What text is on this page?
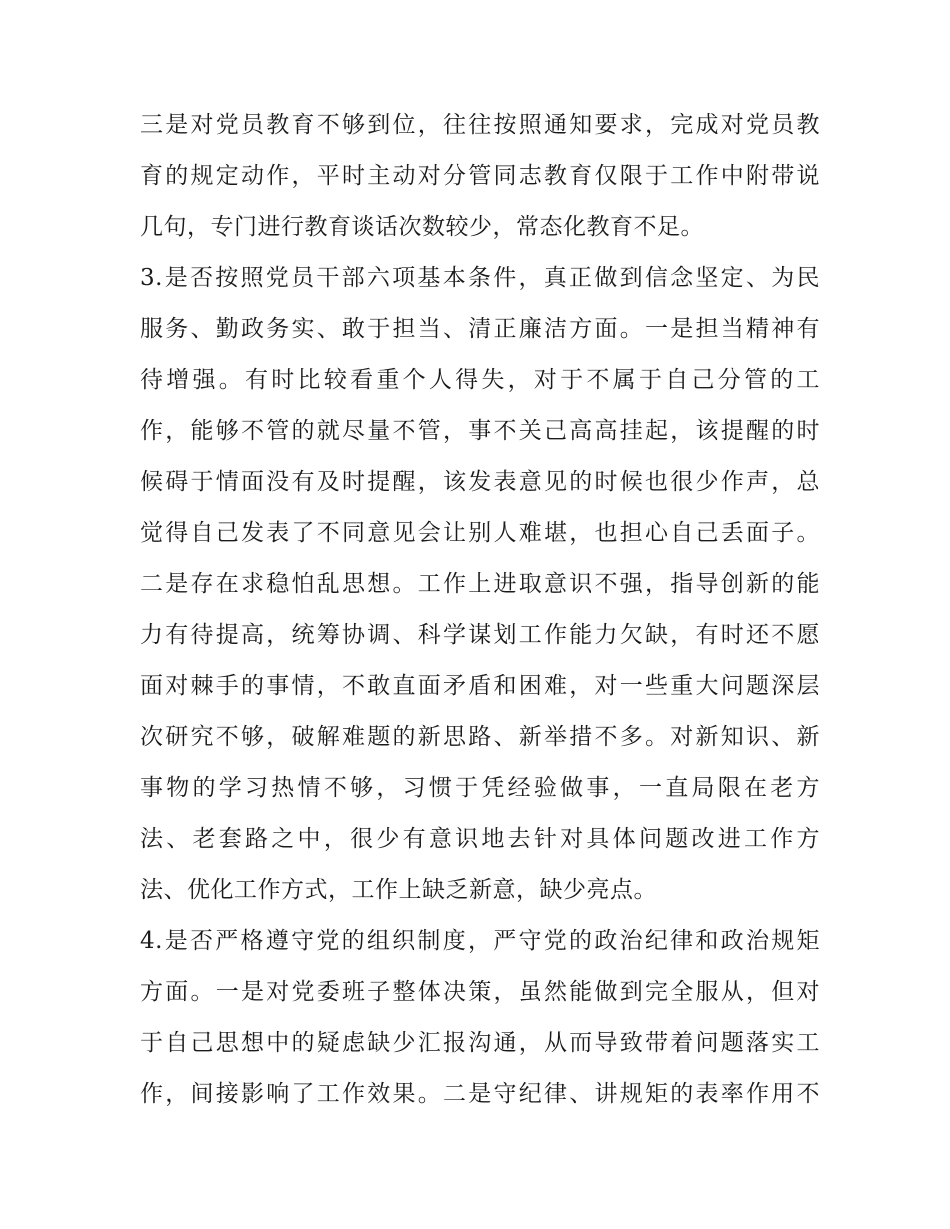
三是对党员教育不够到位，往往按照通知要求，完成对党员教
育的规定动作，平时主动对分管同志教育仅限于工作中附带说
几句，专门进行教育谈话次数较少，常态化教育不足。
3.是否按照党员干部六项基本条件，真正做到信念坚定、为民
服务、勤政务实、敢于担当、清正廉洁方面。一是担当精神有
待增强。有时比较看重个人得失，对于不属于自己分管的工
作，能够不管的就尽量不管，事不关己高高挂起，该提醒的时
候碍于情面没有及时提醒，该发表意见的时候也很少作声，总
觉得自己发表了不同意见会让别人难堪，也担心自己丢面子。
二是存在求稳怕乱思想。工作上进取意识不强，指导创新的能
力有待提高，统筹协调、科学谋划工作能力欠缺，有时还不愿
面对棘手的事情，不敢直面矛盾和困难，对一些重大问题深层
次研究不够，破解难题的新思路、新举措不多。对新知识、新
事物的学习热情不够，习惯于凭经验做事，一直局限在老方
法、老套路之中，很少有意识地去针对具体问题改进工作方
法、优化工作方式，工作上缺乏新意，缺少亮点。
4.是否严格遵守党的组织制度，严守党的政治纪律和政治规矩
方面。一是对党委班子整体决策，虽然能做到完全服从，但对
于自己思想中的疑虑缺少汇报沟通，从而导致带着问题落实工
作，间接影响了工作效果。二是守纪律、讲规矩的表率作用不
